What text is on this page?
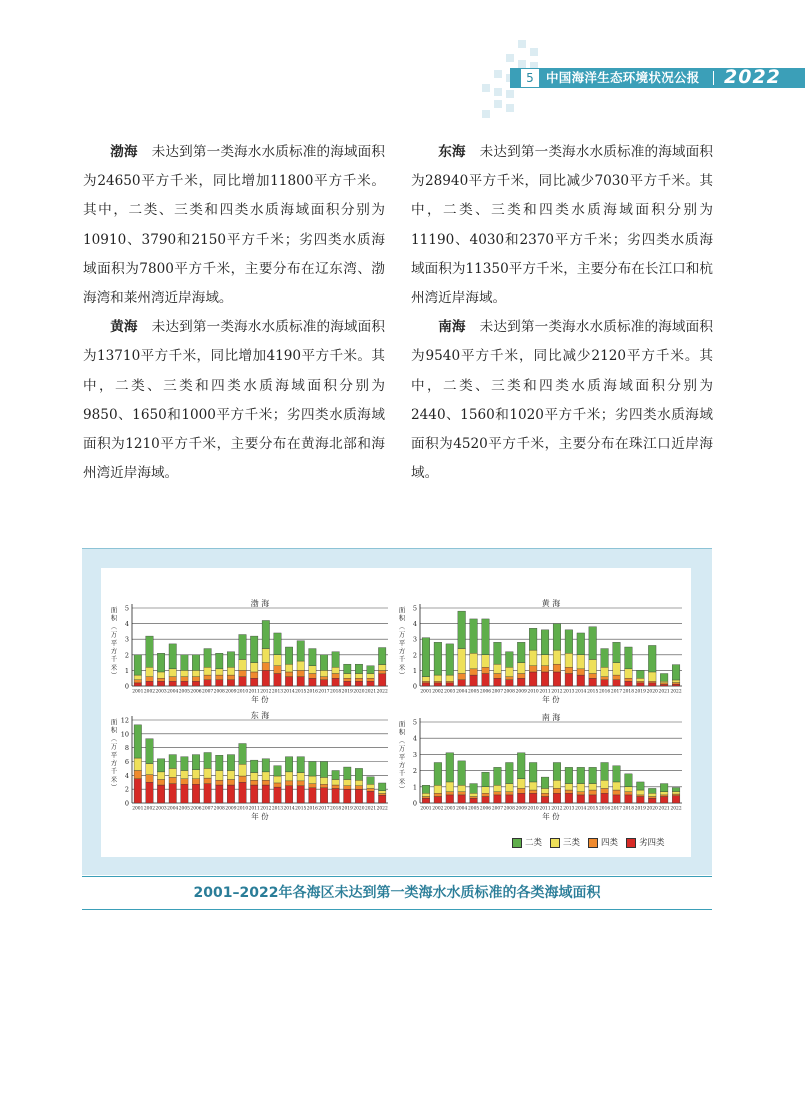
5 中国海洋生态环境状况公报 2022

渤海 未达到第一类海水水质标准的海域面积为24650平方千米，同比增加11800平方千米。其中，二类、三类和四类水质海域面积分别为10910、3790和2150平方千米；劣四类水质海域面积为7800平方千米，主要分布在辽东湾、渤海湾和莱州湾近岸海域。

黄海 未达到第一类海水水质标准的海域面积为13710平方千米，同比增加4190平方千米。其中，二类、三类和四类水质海域面积分别为9850、1650和1000平方千米；劣四类水质海域面积为1210平方千米，主要分布在黄海北部和海州湾近岸海域。

东海 未达到第一类海水水质标准的海域面积为28940平方千米，同比减少7030平方千米。其中，二类、三类和四类水质海域面积分别为11190、4030和2370平方千米；劣四类水质海域面积为11350平方千米，主要分布在长江口和杭州湾近岸海域。

南海 未达到第一类海水水质标准的海域面积为9540平方千米，同比减少2120平方千米。其中，二类、三类和四类水质海域面积分别为2440、1560和1020平方千米；劣四类水质海域面积为4520平方千米，主要分布在珠江口近岸海域。

0
1
2
3
4
5
渤 海
面
积
︵
万
平
方
千
米
︶
2001 2002 2003 2004 2005 2006 2007 2008 2009 2010 2011 2012 2013 2014 2015 2016 2017 2018 2019 2020 2021 2022
年 份
0
1
2
3
4
5
黄 海
面
积
︵
万
平
方
千
米
︶
2001 2002 2003 2004 2005 2006 2007 2008 2009 2010 2011 2012 2013 2014 2015 2016 2017 2018 2019 2020 2021 2022
年 份
0
2
4
6
8
10
12
东 海
面
积
︵
万
平
方
千
米
︶
2001 2002 2003 2004 2005 2006 2007 2008 2009 2010 2011 2012 2013 2014 2015 2016 2017 2018 2019 2020 2021 2022
年 份
0
1
2
3
4
5
南 海
面
积
︵
万
平
方
千
米
︶
2001 2002 2003 2004 2005 2006 2007 2008 2009 2010 2011 2012 2013 2014 2015 2016 2017 2018 2019 2020 2021 2022
年 份
二类 三类 四类 劣四类
2001–2022年各海区未达到第一类海水水质标准的各类海域面积
